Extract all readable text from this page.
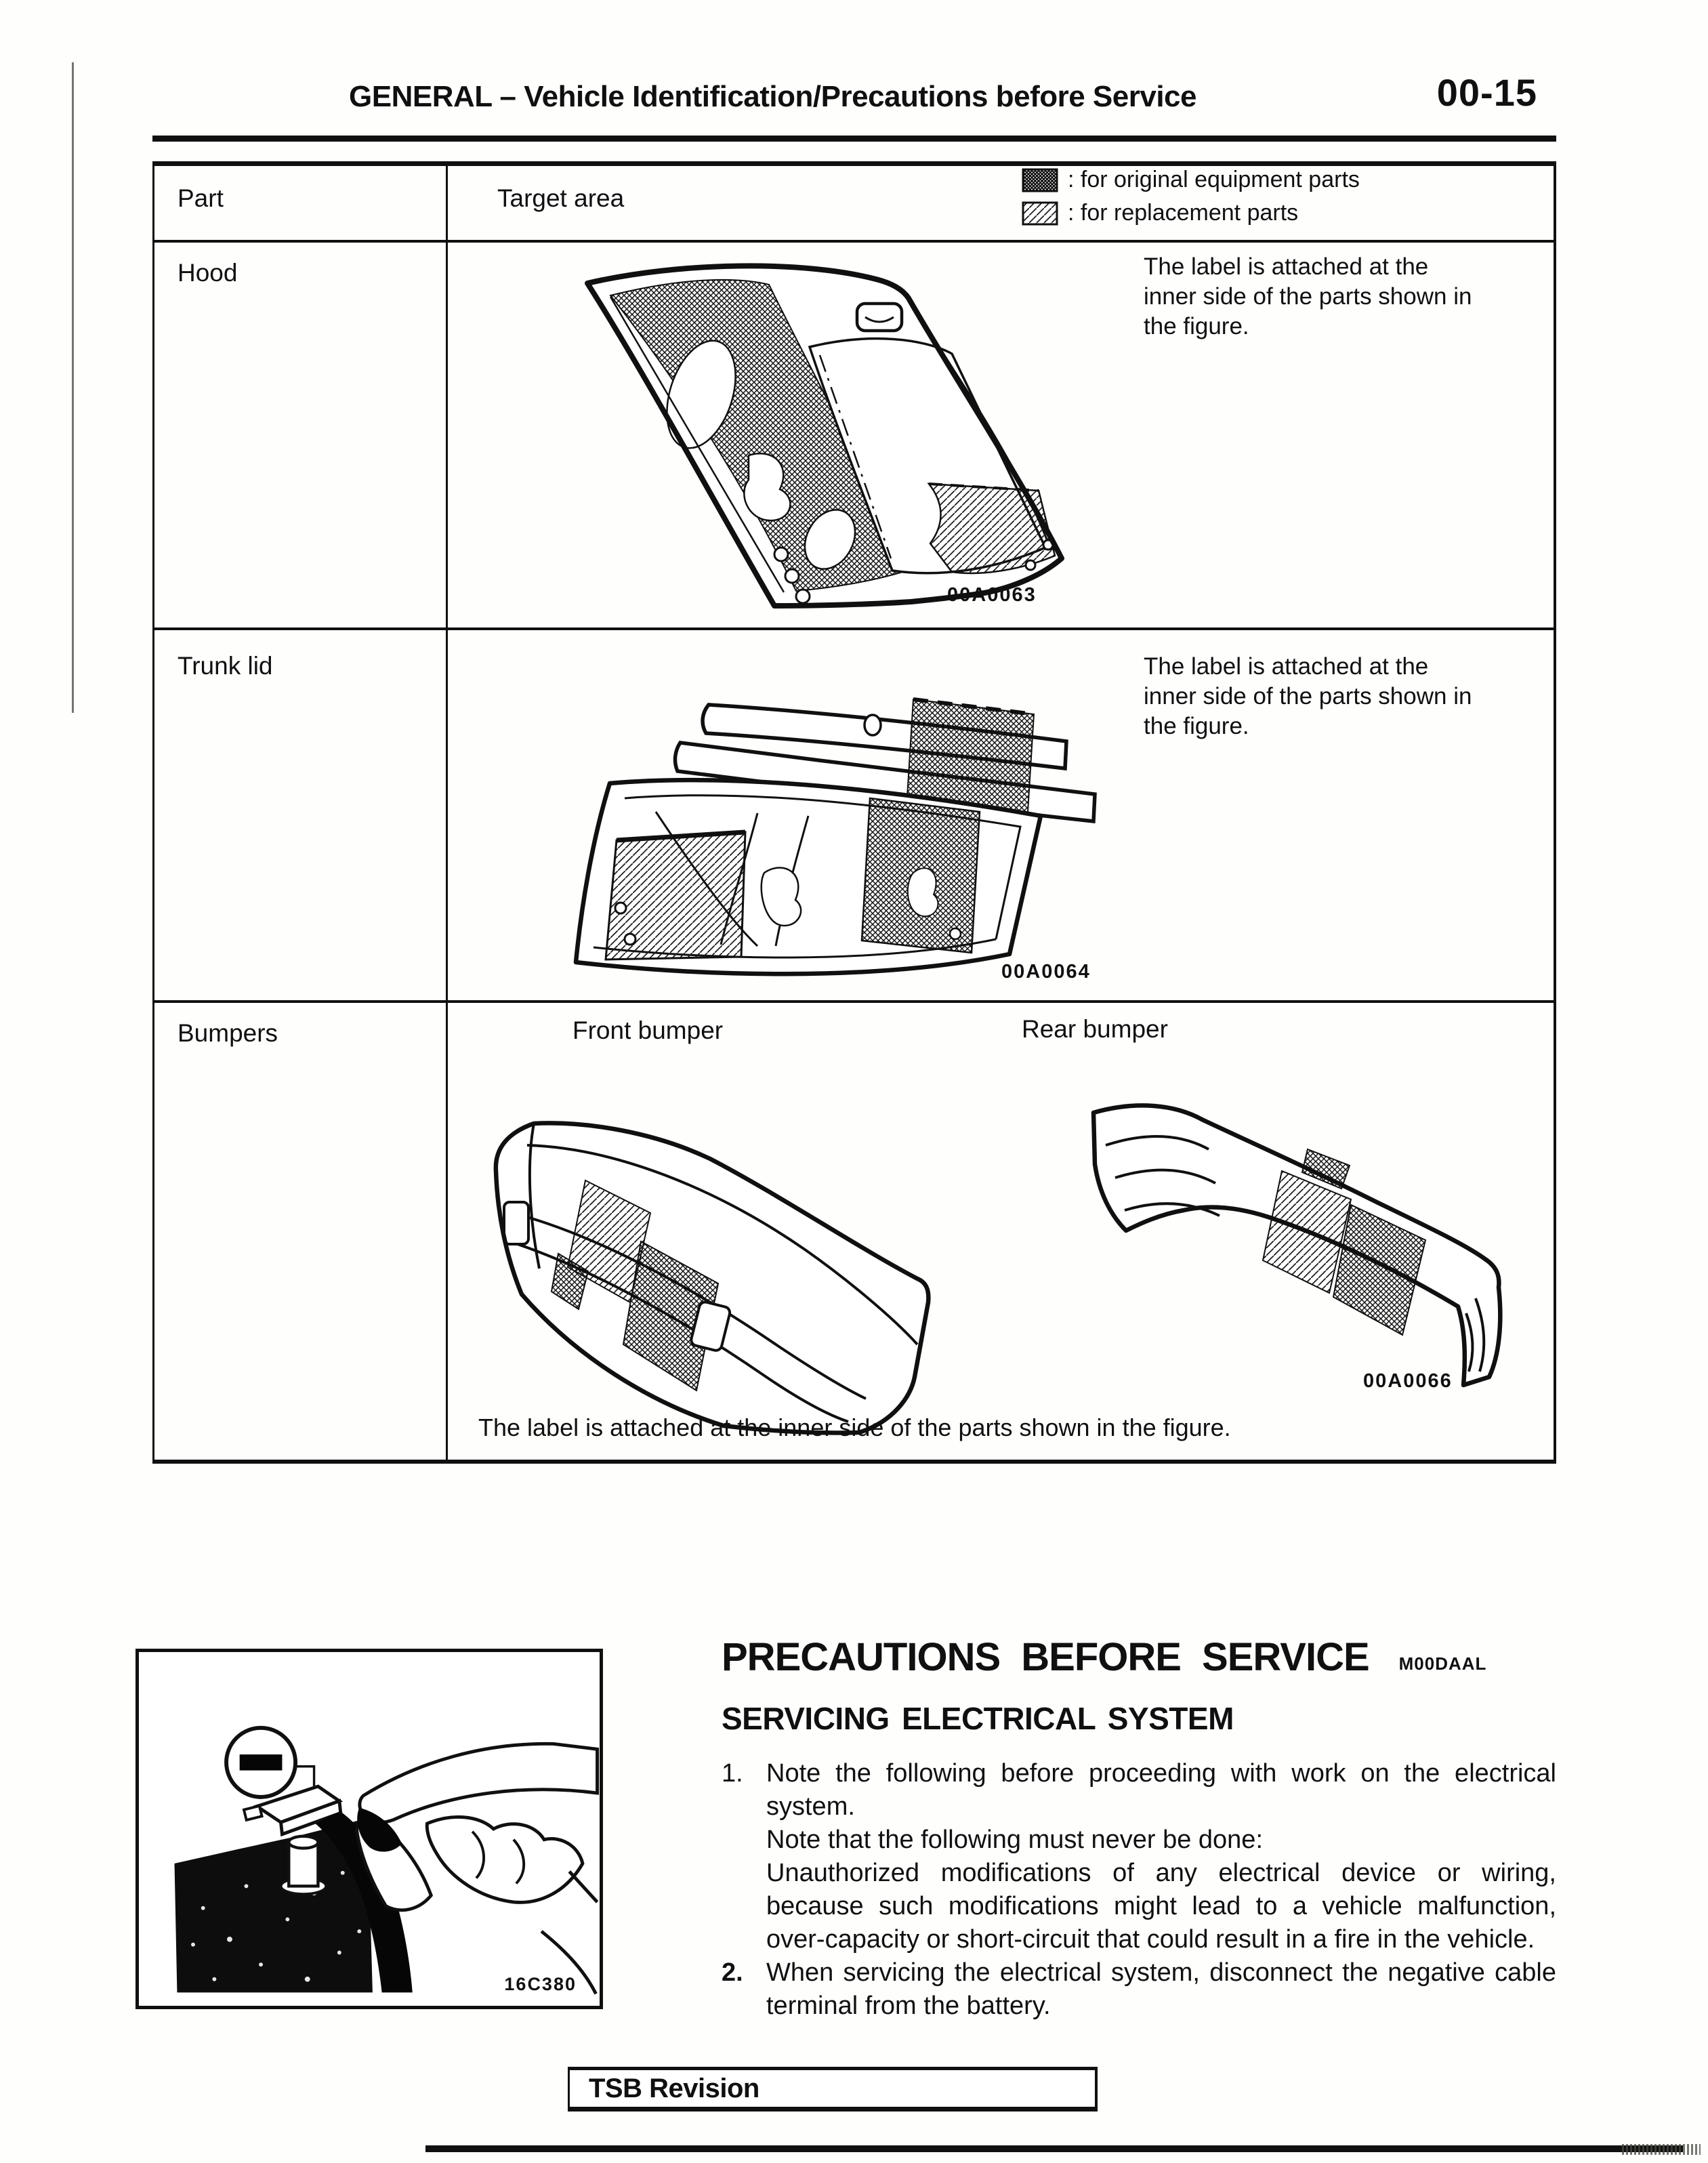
GENERAL – Vehicle Identification/Precautions before Service	00-15
Part	Target area
: for original equipment parts
: for replacement parts
Hood	The label is attached at the inner side of the parts shown in the figure.
00A0063
Trunk lid	The label is attached at the inner side of the parts shown in the figure.
00A0064
Bumpers	Front bumper	Rear bumper
00A0066
The label is attached at the inner side of the parts shown in the figure.
16C380
PRECAUTIONS BEFORE SERVICE M00DAAL
SERVICING ELECTRICAL SYSTEM
1. Note the following before proceeding with work on the electrical system.

Note that the following must never be done:

Unauthorized modifications of any electrical device or wiring, because such modifications might lead to a vehicle malfunction, over-capacity or short-circuit that could result in a fire in the vehicle.

2. When servicing the electrical system, disconnect the negative cable terminal from the battery.

TSB Revision
